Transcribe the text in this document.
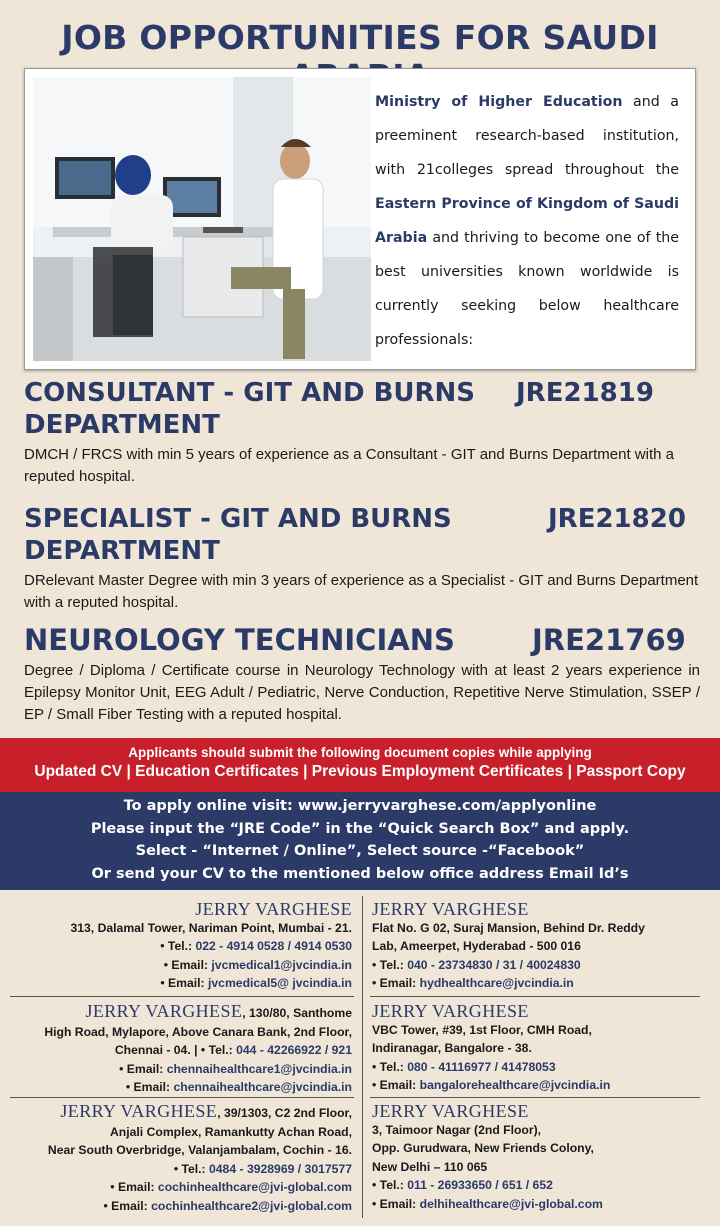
JOB OPPORTUNITIES FOR SAUDI
Ministry of Higher Education and a preeminent research-based institution, with 21colleges spread throughout the Eastern Province of Kingdom of Saudi Arabia and thriving to become one of the best universities known worldwide is currently seeking below healthcare professionals:
CONSULTANT - GIT AND BURNS JRE21819

DEPARTMENT
DMCH / FRCS with min 5 years of experience as a Consultant - GIT and Burns Department with a reputed hospital.
SPECIALIST - GIT AND BURNS	JRE21820

DEPARTMENT
DRelevant Master Degree with min 3 years of experience as a Specialist - GIT and Burns Department with a reputed hospital.
NEUROLOGY TECHNICIANS	JRE21769
Degree / Diploma / Certificate course in Neurology Technology with at least 2 years experience in Epilepsy Monitor Unit, EEG Adult / Pediatric, Nerve Conduction, Repetitive Nerve Stimulation, SSEP / EP / Small Fiber Testing with a reputed hospital.
Applicants should submit the following document copies while applying
Updated CV | Education Certificates | Previous Employment Certificates | Passport Copy
To apply online visit: www.jerryvarghese.com/applyonline
Please input the “JRE Code” in the “Quick Search Box” and apply.
Select - “Internet / Online”, Select source -“Facebook”
Or send your CV to the mentioned below office address Email Id’s
JERRY VARGHESE
313, Dalamal Tower, Nariman Point, Mumbai - 21.
• Tel.: 022 - 4914 0528 / 4914 0530
• Email: jvcmedical1@jvcindia.in
• Email: jvcmedical5@ jvcindia.in
JERRY VARGHESE
Flat No. G 02, Suraj Mansion, Behind Dr. Reddy
Lab, Ameerpet, Hyderabad - 500 016
• Tel.: 040 - 23734830 / 31 / 40024830
• Email: hydhealthcare@jvcindia.in
JERRY VARGHESE, 130/80, Santhome
High Road, Mylapore, Above Canara Bank, 2nd Floor,
Chennai - 04. | • Tel.: 044 - 42266922 / 921
• Email: chennaihealthcare1@jvcindia.in
• Email: chennaihealthcare@jvcindia.in
JERRY VARGHESE
VBC Tower, #39, 1st Floor, CMH Road,
Indiranagar, Bangalore - 38.
• Tel.: 080 - 41116977 / 41478053
• Email: bangalorehealthcare@jvcindia.in
JERRY VARGHESE, 39/1303, C2 2nd Floor,
Anjali Complex, Ramankutty Achan Road,
Near South Overbridge, Valanjambalam, Cochin - 16.
• Tel.: 0484 - 3928969 / 3017577
• Email: cochinhealthcare@jvi-global.com
• Email: cochinhealthcare2@jvi-global.com
JERRY VARGHESE
3, Taimoor Nagar (2nd Floor),
Opp. Gurudwara, New Friends Colony,
New Delhi – 110 065
• Tel.: 011 - 26933650 / 651 / 652
• Email: delhihealthcare@jvi-global.com
